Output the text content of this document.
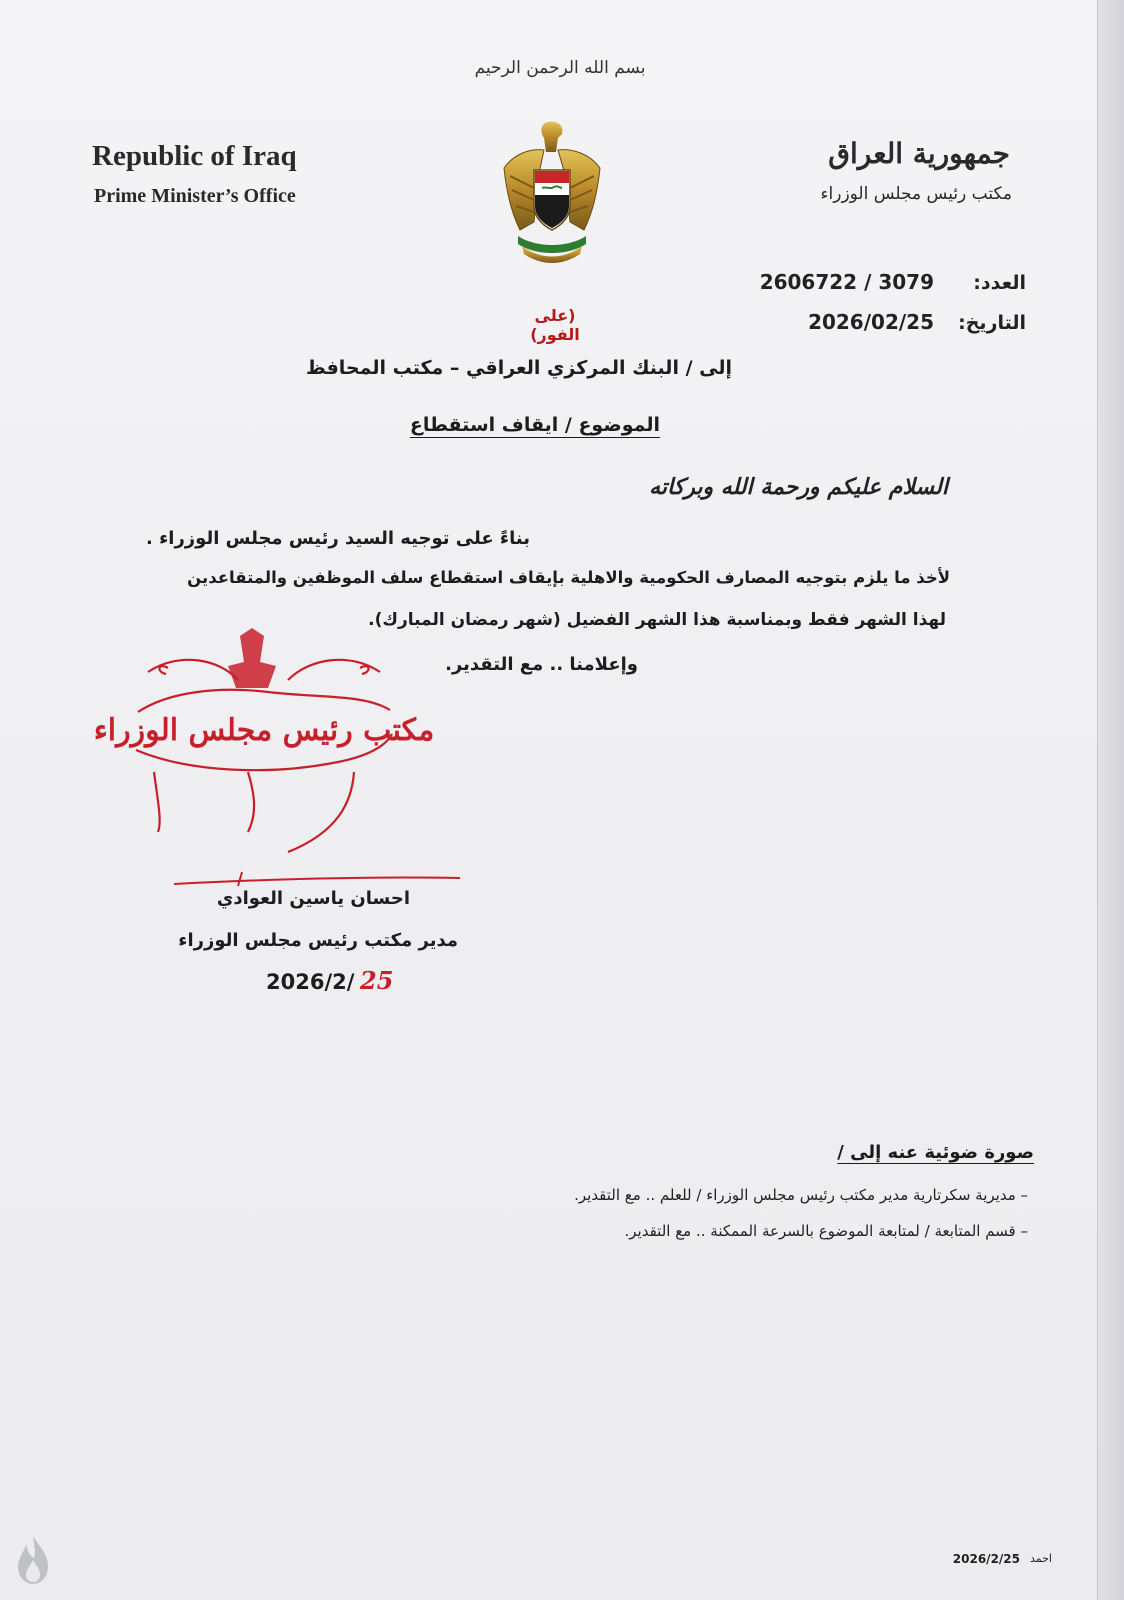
بسم الله الرحمن الرحيم
Republic of Iraq
Prime Minister’s Office
جمهورية العراق
مكتب رئيس مجلس الوزراء
العدد:
2606722 / 3079
التاريخ:
2026/02/25
(على الفور)
إلى / البنك المركزي العراقي – مكتب المحافظ
الموضوع / ايقاف استقطاع
السلام عليكم ورحمة الله وبركاته
بناءً على توجيه السيد رئيس مجلس الوزراء .
لأخذ ما يلزم بتوجيه المصارف الحكومية والاهلية بإيقاف استقطاع سلف الموظفين والمتقاعدين
لهذا الشهر فقط وبمناسبة هذا الشهر الفضيل (شهر رمضان المبارك).
وإعلامنا .. مع التقدير.
مكتب رئيس مجلس الوزراء
احسان ياسين العوادي
مدير مكتب رئيس مجلس الوزراء
2026/2/ 25
صورة ضوئية عنه إلى /
– مديرية سكرتارية مدير مكتب رئيس مجلس الوزراء / للعلم .. مع التقدير.
– قسم المتابعة / لمتابعة الموضوع بالسرعة الممكنة .. مع التقدير.
2026/2/25 احمد
